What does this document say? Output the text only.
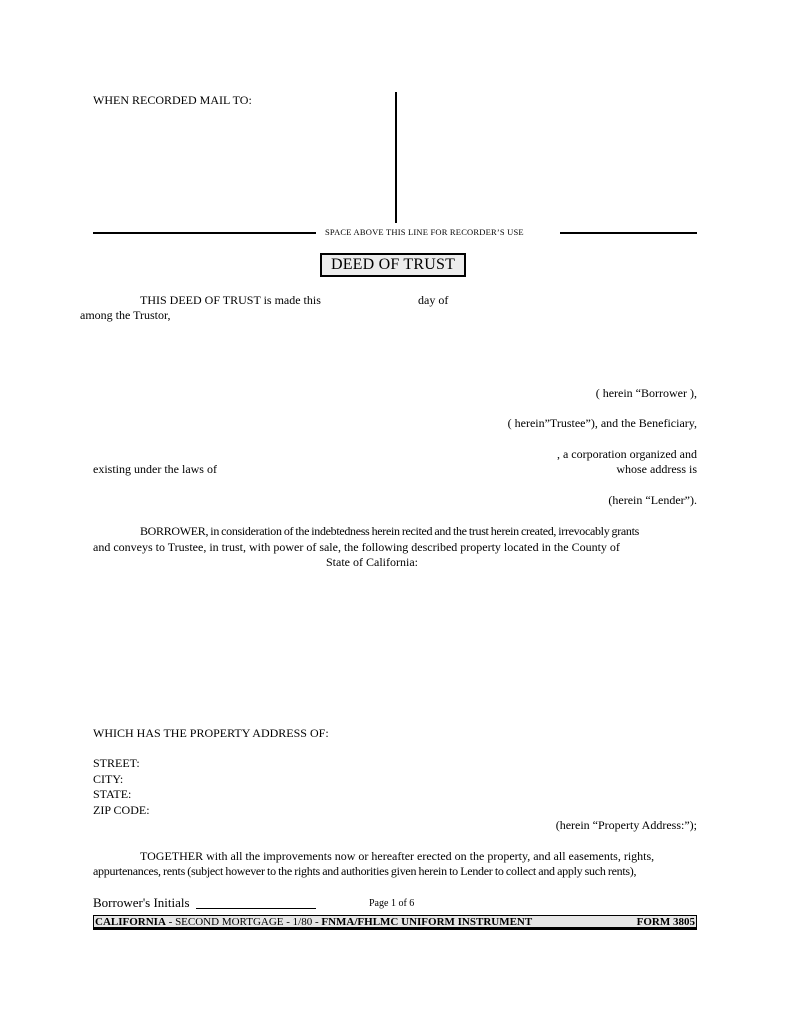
WHEN RECORDED MAIL TO:
SPACE ABOVE THIS LINE FOR RECORDER’S USE
DEED OF TRUST
THIS DEED OF TRUST is made this	day of
among the Trustor,
( herein “Borrower ),
( herein”Trustee”), and the Beneficiary,
, a corporation organized and
existing under the laws of	whose address is
(herein “Lender”).
BORROWER, in consideration of the indebtedness herein recited and the trust herein created, irrevocably grants
and conveys to Trustee, in trust, with power of sale, the following described property located in the County of
State of California:
WHICH HAS THE PROPERTY ADDRESS OF:
STREET:
CITY:
STATE:
ZIP CODE:
(herein “Property Address:”);
TOGETHER with all the improvements now or hereafter erected on the property, and all easements, rights,
appurtenances, rents (subject however to the rights and authorities given herein to Lender to collect and apply such rents),
Borrower's Initials	Page 1 of 6
CALIFORNIA - SECOND MORTGAGE - 1/80 - FNMA/FHLMC UNIFORM INSTRUMENT	FORM 3805
